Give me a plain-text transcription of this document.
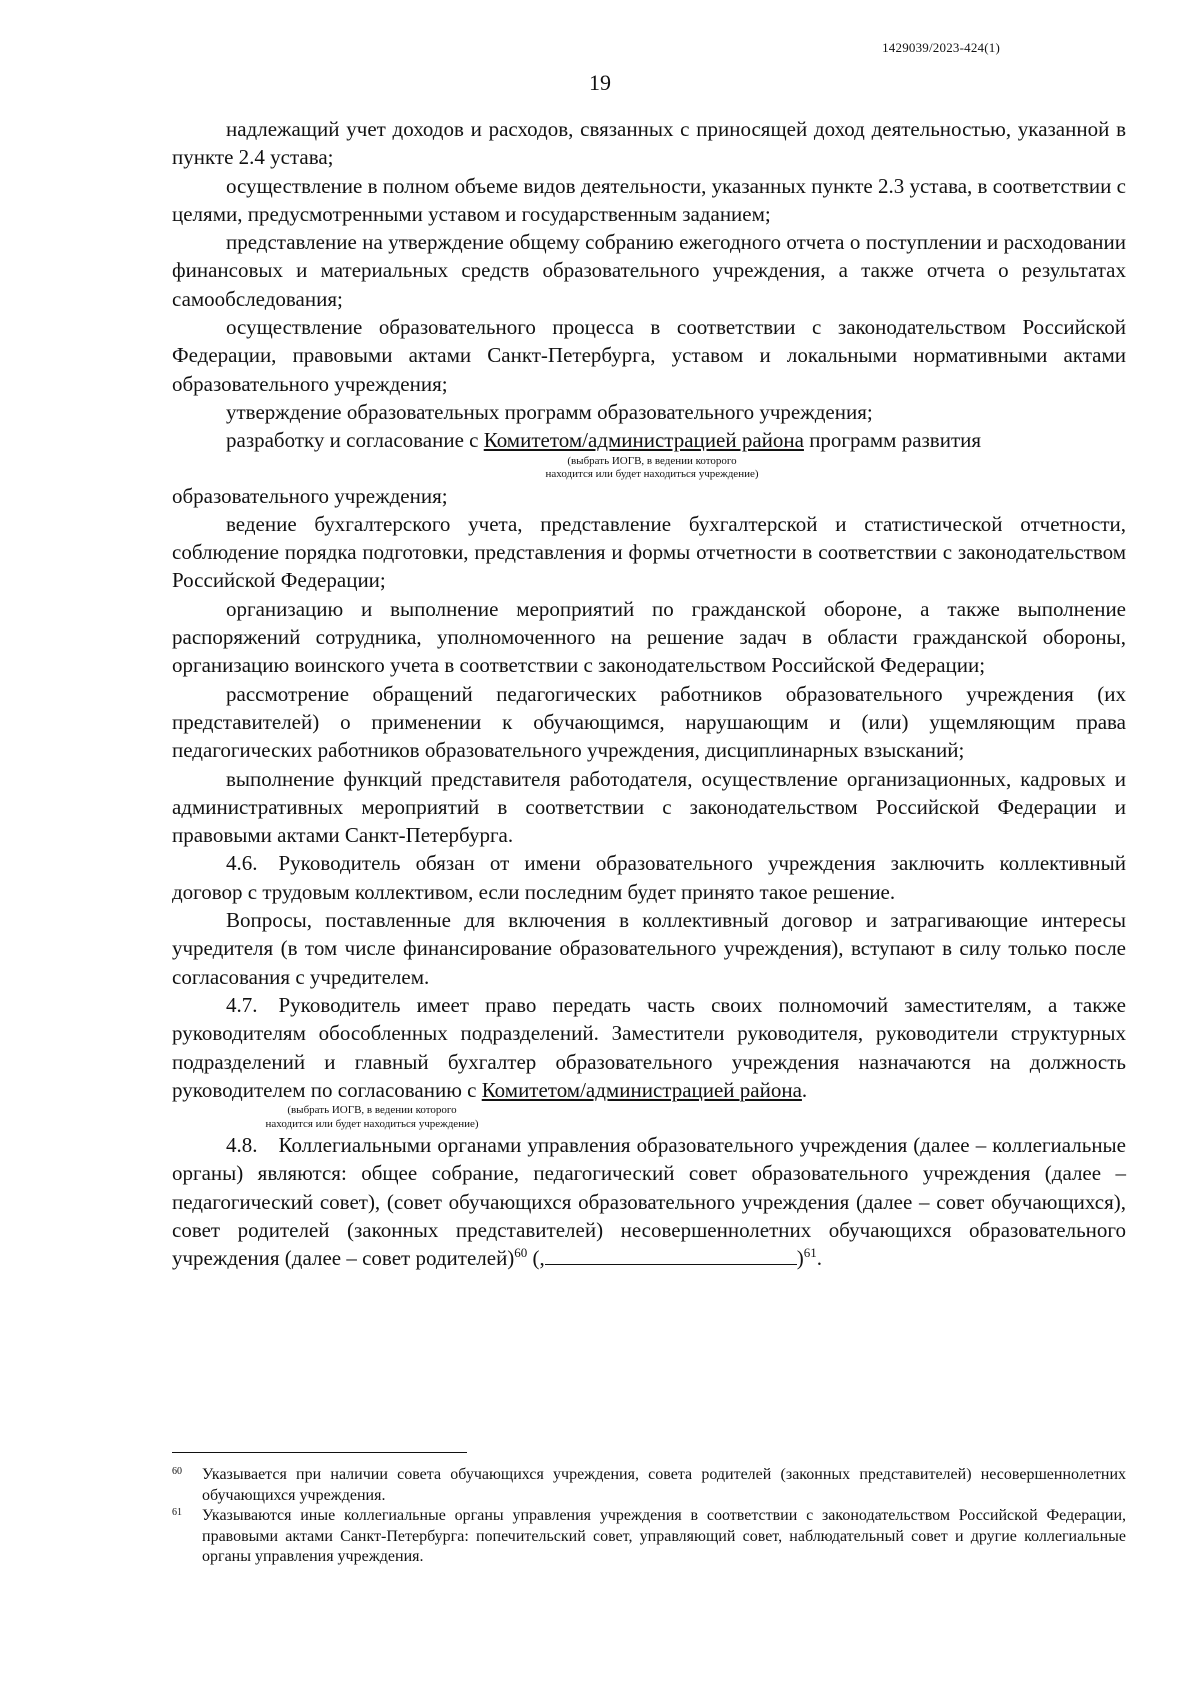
1429039/2023-424(1)
19

надлежащий учет доходов и расходов, связанных с приносящей доход деятельностью, указанной в пункте 2.4 устава;

осуществление в полном объеме видов деятельности, указанных пункте 2.3 устава, в соответствии с целями, предусмотренными уставом и государственным заданием;

представление на утверждение общему собранию ежегодного отчета о поступлении и расходовании финансовых и материальных средств образовательного учреждения, а также отчета о результатах самообследования;

осуществление образовательного процесса в соответствии с законодательством Российской Федерации, правовыми актами Санкт-Петербурга, уставом и локальными нормативными актами образовательного учреждения;

утверждение образовательных программ образовательного учреждения;

разработку и согласование с Комитетом/администрацией района программ развития

(выбрать ИОГВ, в ведении которого
находится или будет находиться учреждение)

образовательного учреждения;

ведение бухгалтерского учета, представление бухгалтерской и статистической отчетности, соблюдение порядка подготовки, представления и формы отчетности в соответствии с законодательством Российской Федерации;

организацию и выполнение мероприятий по гражданской обороне, а также выполнение распоряжений сотрудника, уполномоченного на решение задач в области гражданской обороны, организацию воинского учета в соответствии с законодательством Российской Федерации;

рассмотрение обращений педагогических работников образовательного учреждения (их представителей) о применении к обучающимся, нарушающим и (или) ущемляющим права педагогических работников образовательного учреждения, дисциплинарных взысканий;

выполнение функций представителя работодателя, осуществление организационных, кадровых и административных мероприятий в соответствии с законодательством Российской Федерации и правовыми актами Санкт-Петербурга.

4.6. Руководитель обязан от имени образовательного учреждения заключить коллективный договор с трудовым коллективом, если последним будет принято такое решение.

Вопросы, поставленные для включения в коллективный договор и затрагивающие интересы учредителя (в том числе финансирование образовательного учреждения), вступают в силу только после согласования с учредителем.

4.7. Руководитель имеет право передать часть своих полномочий заместителям, а также руководителям обособленных подразделений. Заместители руководителя, руководители структурных подразделений и главный бухгалтер образовательного учреждения назначаются на должность руководителем по согласованию с Комитетом/администрацией района.

(выбрать ИОГВ, в ведении которого
находится или будет находиться учреждение)

4.8. Коллегиальными органами управления образовательного учреждения (далее – коллегиальные органы) являются: общее собрание, педагогический совет образовательного учреждения (далее – педагогический совет), (совет обучающихся образовательного учреждения (далее – совет обучающихся), совет родителей (законных представителей) несовершеннолетних обучающихся образовательного учреждения (далее – совет родителей)$^{60}$ (,	)$^{61}$.

60 Указывается при наличии совета обучающихся учреждения, совета родителей (законных представителей) несовершеннолетних обучающихся учреждения.
61 Указываются иные коллегиальные органы управления учреждения в соответствии с законодательством Российской Федерации, правовыми актами Санкт-Петербурга: попечительский совет, управляющий совет, наблюдательный совет и другие коллегиальные органы управления учреждения.
